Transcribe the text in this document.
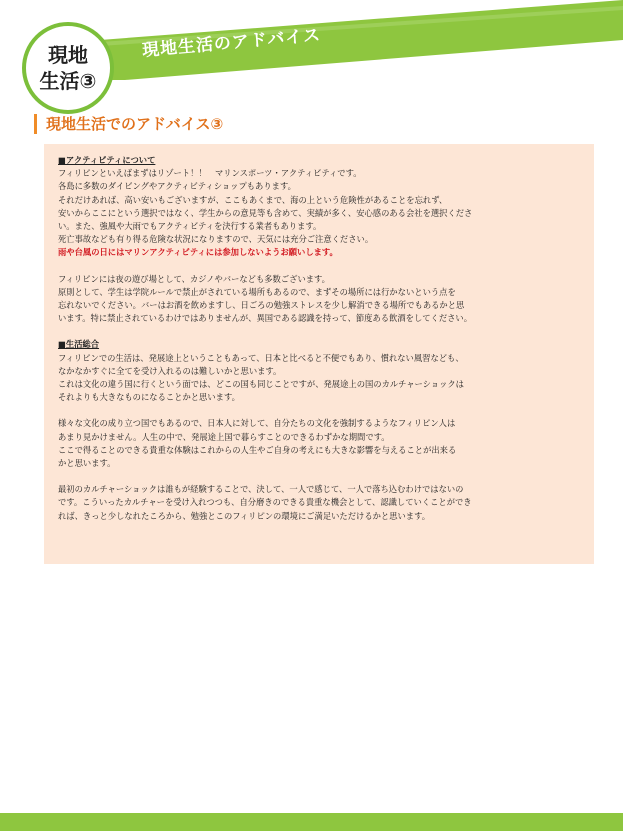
現地生活のアドバイス
現地
生活③
現地生活でのアドバイス③

■アクティビティについて

フィリピンといえばまずはリゾート！！　マリンスポーツ・アクティビティです。

各島に多数のダイビングやアクティビティショップもあります。

それだけあれば、高い安いもございますが、ここもあくまで、海の上という危険性があることを忘れず、

安いからここにという選択ではなく、学生からの意見等も含めて、実績が多く、安心感のある会社を選択くださ

い。また、強風や大雨でもアクティビティを決行する業者もあります。

死亡事故なども有り得る危険な状況になりますので、天気には充分ご注意ください。

雨や台風の日にはマリンアクティビティには参加しないようお願いします。

フィリピンには夜の遊び場として、カジノやバーなども多数ございます。

原則として、学生は学院ルールで禁止がされている場所もあるので、まずその場所には行かないという点を

忘れないでください。バーはお酒を飲めますし、日ごろの勉強ストレスを少し解消できる場所でもあるかと思

います。特に禁止されているわけではありませんが、異国である認識を持って、節度ある飲酒をしてください。

■生活総合

フィリピンでの生活は、発展途上ということもあって、日本と比べると不便でもあり、慣れない風習なども、

なかなかすぐに全てを受け入れるのは難しいかと思います。

これは文化の違う国に行くという面では、どこの国も同じことですが、発展途上の国のカルチャーショックは

それよりも大きなものになることかと思います。

様々な文化の成り立つ国でもあるので、日本人に対して、自分たちの文化を強制するようなフィリピン人は

あまり見かけません。人生の中で、発展途上国で暮らすことのできるわずかな期間です。

ここで得ることのできる貴重な体験はこれからの人生やご自身の考えにも大きな影響を与えることが出来る

かと思います。

最初のカルチャーショックは誰もが経験することで、決して、一人で感じて、一人で落ち込むわけではないの

です。こういったカルチャーを受け入れつつも、自分磨きのできる貴重な機会として、認識していくことができ

れば、きっと少しなれたころから、勉強とこのフィリピンの環境にご満足いただけるかと思います。
